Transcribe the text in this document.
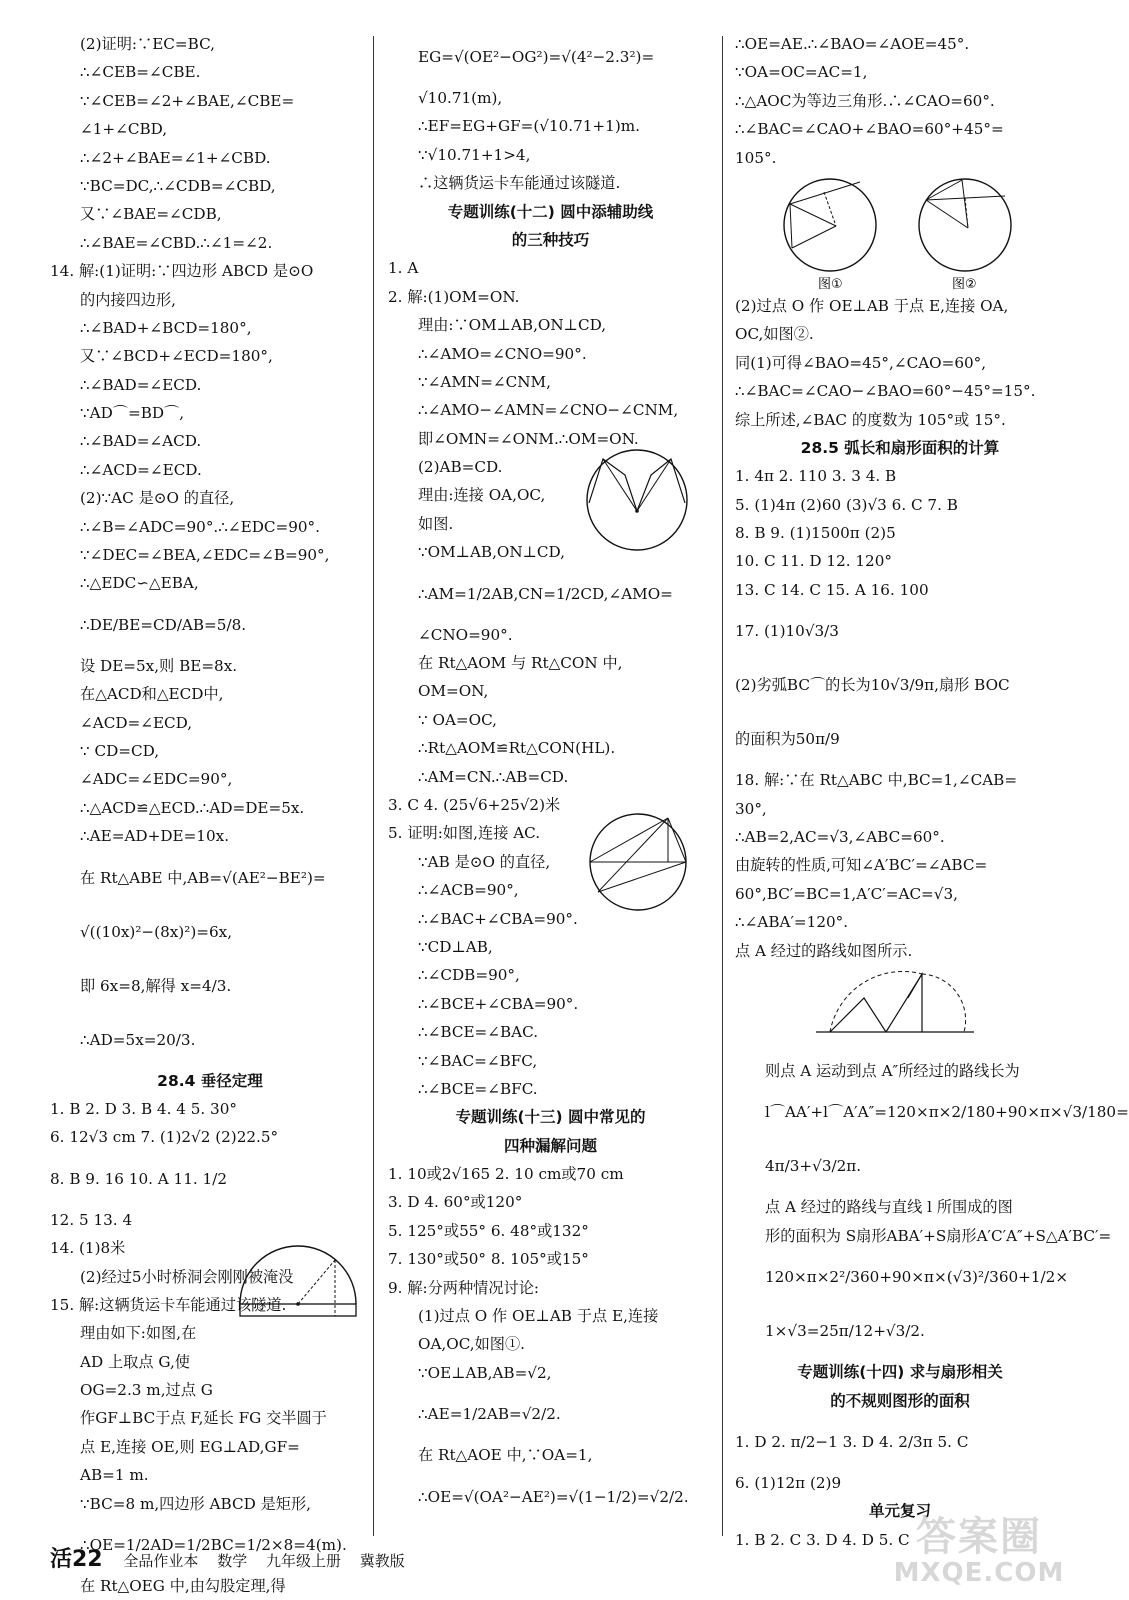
(2)证明:∵EC=BC,
∴∠CEB=∠CBE.
∵∠CEB=∠2+∠BAE,∠CBE=
∠1+∠CBD,
∴∠2+∠BAE=∠1+∠CBD.
∵BC=DC,∴∠CDB=∠CBD,
又∵∠BAE=∠CDB,
∴∠BAE=∠CBD.∴∠1=∠2.
14. 解:(1)证明:∵四边形 ABCD 是⊙O
的内接四边形,
∴∠BAD+∠BCD=180°,
又∵∠BCD+∠ECD=180°,
∴∠BAD=∠ECD.
∵AD⌒=BD⌒,
∴∠BAD=∠ACD.
∴∠ACD=∠ECD.
(2)∵AC 是⊙O 的直径,
∴∠B=∠ADC=90°.∴∠EDC=90°.
∵∠DEC=∠BEA,∠EDC=∠B=90°,
∴△EDC∽△EBA,
∴DE/BE=CD/AB=5/8.
设 DE=5x,则 BE=8x.
在△ACD和△ECD中,
∠ACD=∠ECD,
∵ CD=CD,
∠ADC=∠EDC=90°,
∴△ACD≌△ECD.∴AD=DE=5x.
∴AE=AD+DE=10x.
在 Rt△ABE 中,AB=√(AE²−BE²)=
√((10x)²−(8x)²)=6x,
即 6x=8,解得 x=4/3.
∴AD=5x=20/3.
28.4 垂径定理
1. B 2. D 3. B 4. 4 5. 30°
6. 12√3 cm 7. (1)2√2 (2)22.5°
8. B 9. 16 10. A 11. 1/2
12. 5 13. 4
14. (1)8米
(2)经过5小时桥洞会刚刚被淹没
15. 解:这辆货运卡车能通过该隧道.
理由如下:如图,在
AD 上取点 G,使
OG=2.3 m,过点 G
作GF⊥BC于点 F,延长 FG 交半圆于
点 E,连接 OE,则 EG⊥AD,GF=
AB=1 m.
∵BC=8 m,四边形 ABCD 是矩形,
∴OE=1/2AD=1/2BC=1/2×8=4(m).
在 Rt△OEG 中,由勾股定理,得
EG=√(OE²−OG²)=√(4²−2.3²)=
√10.71(m),
∴EF=EG+GF=(√10.71+1)m.
∵√10.71+1>4,
∴这辆货运卡车能通过该隧道.
专题训练(十二) 圆中添辅助线
的三种技巧
1. A
2. 解:(1)OM=ON.
理由:∵OM⊥AB,ON⊥CD,
∴∠AMO=∠CNO=90°.
∵∠AMN=∠CNM,
∴∠AMO−∠AMN=∠CNO−∠CNM,
即∠OMN=∠ONM.∴OM=ON.
(2)AB=CD.
理由:连接 OA,OC,
如图.
∵OM⊥AB,ON⊥CD,
∴AM=1/2AB,CN=1/2CD,∠AMO=
∠CNO=90°.
在 Rt△AOM 与 Rt△CON 中,
OM=ON,
∵ OA=OC,
∴Rt△AOM≌Rt△CON(HL).
∴AM=CN.∴AB=CD.
3. C 4. (25√6+25√2)米
5. 证明:如图,连接 AC.
∵AB 是⊙O 的直径,
∴∠ACB=90°,
∴∠BAC+∠CBA=90°.
∵CD⊥AB,
∴∠CDB=90°,
∴∠BCE+∠CBA=90°.
∴∠BCE=∠BAC.
∵∠BAC=∠BFC,
∴∠BCE=∠BFC.
专题训练(十三) 圆中常见的
四种漏解问题
1. 10或2√165 2. 10 cm或70 cm
3. D 4. 60°或120°
5. 125°或55° 6. 48°或132°
7. 130°或50° 8. 105°或15°
9. 解:分两种情况讨论:
(1)过点 O 作 OE⊥AB 于点 E,连接
OA,OC,如图①.
∵OE⊥AB,AB=√2,
∴AE=1/2AB=√2/2.
在 Rt△AOE 中,∵OA=1,
∴OE=√(OA²−AE²)=√(1−1/2)=√2/2.
∴OE=AE.∴∠BAO=∠AOE=45°.
∵OA=OC=AC=1,
∴△AOC为等边三角形.∴∠CAO=60°.
∴∠BAC=∠CAO+∠BAO=60°+45°=
105°.
(2)过点 O 作 OE⊥AB 于点 E,连接 OA,
OC,如图②.
同(1)可得∠BAO=45°,∠CAO=60°,
∴∠BAC=∠CAO−∠BAO=60°−45°=15°.
综上所述,∠BAC 的度数为 105°或 15°.
28.5 弧长和扇形面积的计算
1. 4π 2. 110 3. 3 4. B
5. (1)4π (2)60 (3)√3 6. C 7. B
8. B 9. (1)1500π (2)5
10. C 11. D 12. 120°
13. C 14. C 15. A 16. 100
17. (1)10√3/3
(2)劣弧BC⌒的长为10√3/9π,扇形 BOC
的面积为50π/9
18. 解:∵在 Rt△ABC 中,BC=1,∠CAB=
30°,
∴AB=2,AC=√3,∠ABC=60°.
由旋转的性质,可知∠A′BC′=∠ABC=
60°,BC′=BC=1,A′C′=AC=√3,
∴∠ABA′=120°.
点 A 经过的路线如图所示.
则点 A 运动到点 A″所经过的路线长为
l⌒AA′+l⌒A′A″=120×π×2/180+90×π×√3/180=
4π/3+√3/2π.
点 A 经过的路线与直线 l 所围成的图
形的面积为 S扇形ABA′+S扇形A′C′A″+S△A′BC′=
120×π×2²/360+90×π×(√3)²/360+1/2×
1×√3=25π/12+√3/2.
专题训练(十四) 求与扇形相关
的不规则图形的面积
1. D 2. π/2−1 3. D 4. 2/3π 5. C
6. (1)12π (2)9
单元复习
1. B 2. C 3. D 4. D 5. C
图①	图②
活22 全品作业本 数学 九年级上册 冀教版
答案圈
MXQE.COM
